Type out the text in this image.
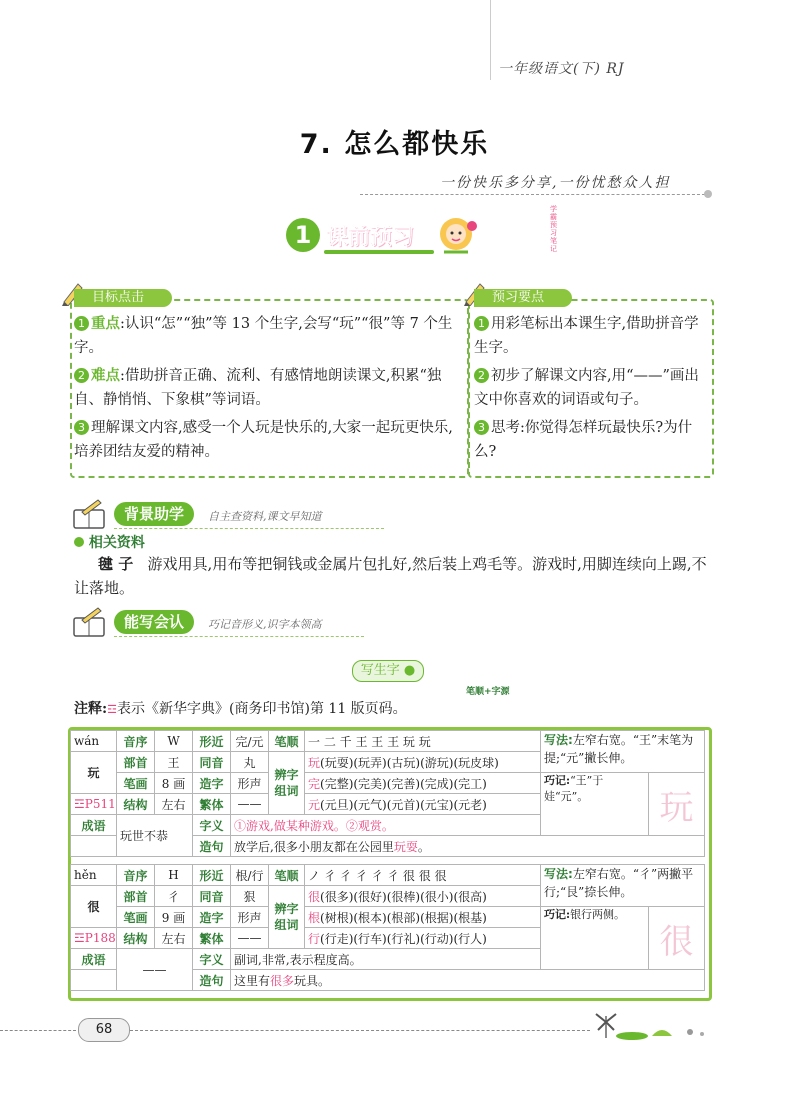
一年级语文(下) RJ
7. 怎么都快乐
一份快乐多分享,一份忧愁众人担
1 课前预习
学霸预习笔记
目标点击
1 重点:认识“怎”“独”等 13 个生字,会写“玩”“很”等 7 个生字。
2 难点:借助拼音正确、流利、有感情地朗读课文,积累“独自、静悄悄、下象棋”等词语。
3 理解课文内容,感受一个人玩是快乐的,大家一起玩更快乐,培养团结友爱的精神。
预习要点
1 用彩笔标出本课生字,借助拼音学生字。
2 初步了解课文内容,用“——”画出文中你喜欢的词语或句子。
3 思考:你觉得怎样玩最快乐?为什么?
背景助学	自主查资料,课文早知道
相关资料
毽 子 游戏用具,用布等把铜钱或金属片包扎好,然后装上鸡毛等。游戏时,用脚连续向上踢,不让落地。
能写会认	巧记音形义,识字本领高
写生字 ●
笔顺+字源
注释:☲表示《新华字典》(商务印书馆)第 11 版页码。
wán	音序	W	形近	完/元	笔顺	一 二 千 王 王 王 玩 玩	写法:左窄右宽。“王”末笔为提;“元”撇长伸。	
玩	部首	王	同音	丸	辨字组词	玩(玩耍)(玩弄)(古玩)(游玩)(玩皮球)		
	笔画	8 画	造字	形声		完(完整)(完美)(完善)(完成)(完工)	巧记:“王”于娃“元”。	玩
☲P511	结构	左右	繁体	——		元(元旦)(元气)(元首)(元宝)(元老)		
成语	玩世不恭		字义	①游戏,做某种游戏。②观赏。				
			造句	放学后,很多小朋友都在公园里玩耍。				
hěn	音序	H	形近	根/行	笔顺	ノ 彳 彳 彳 彳 彳 很 很 很	写法:左窄右宽。“彳”两撇平行;“艮”捺长伸。	
很	部首	彳	同音	狠	辨字组词	很(很多)(很好)(很棒)(很小)(很高)		
	笔画	9 画	造字	形声		根(树根)(根本)(根部)(根据)(根基)	巧记:银行两侧。	很
☲P188	结构	左右	繁体	——		行(行走)(行车)(行礼)(行动)(行人)		
成语	——		字义	副词,非常,表示程度高。				
			造句	这里有很多玩具。				
68
